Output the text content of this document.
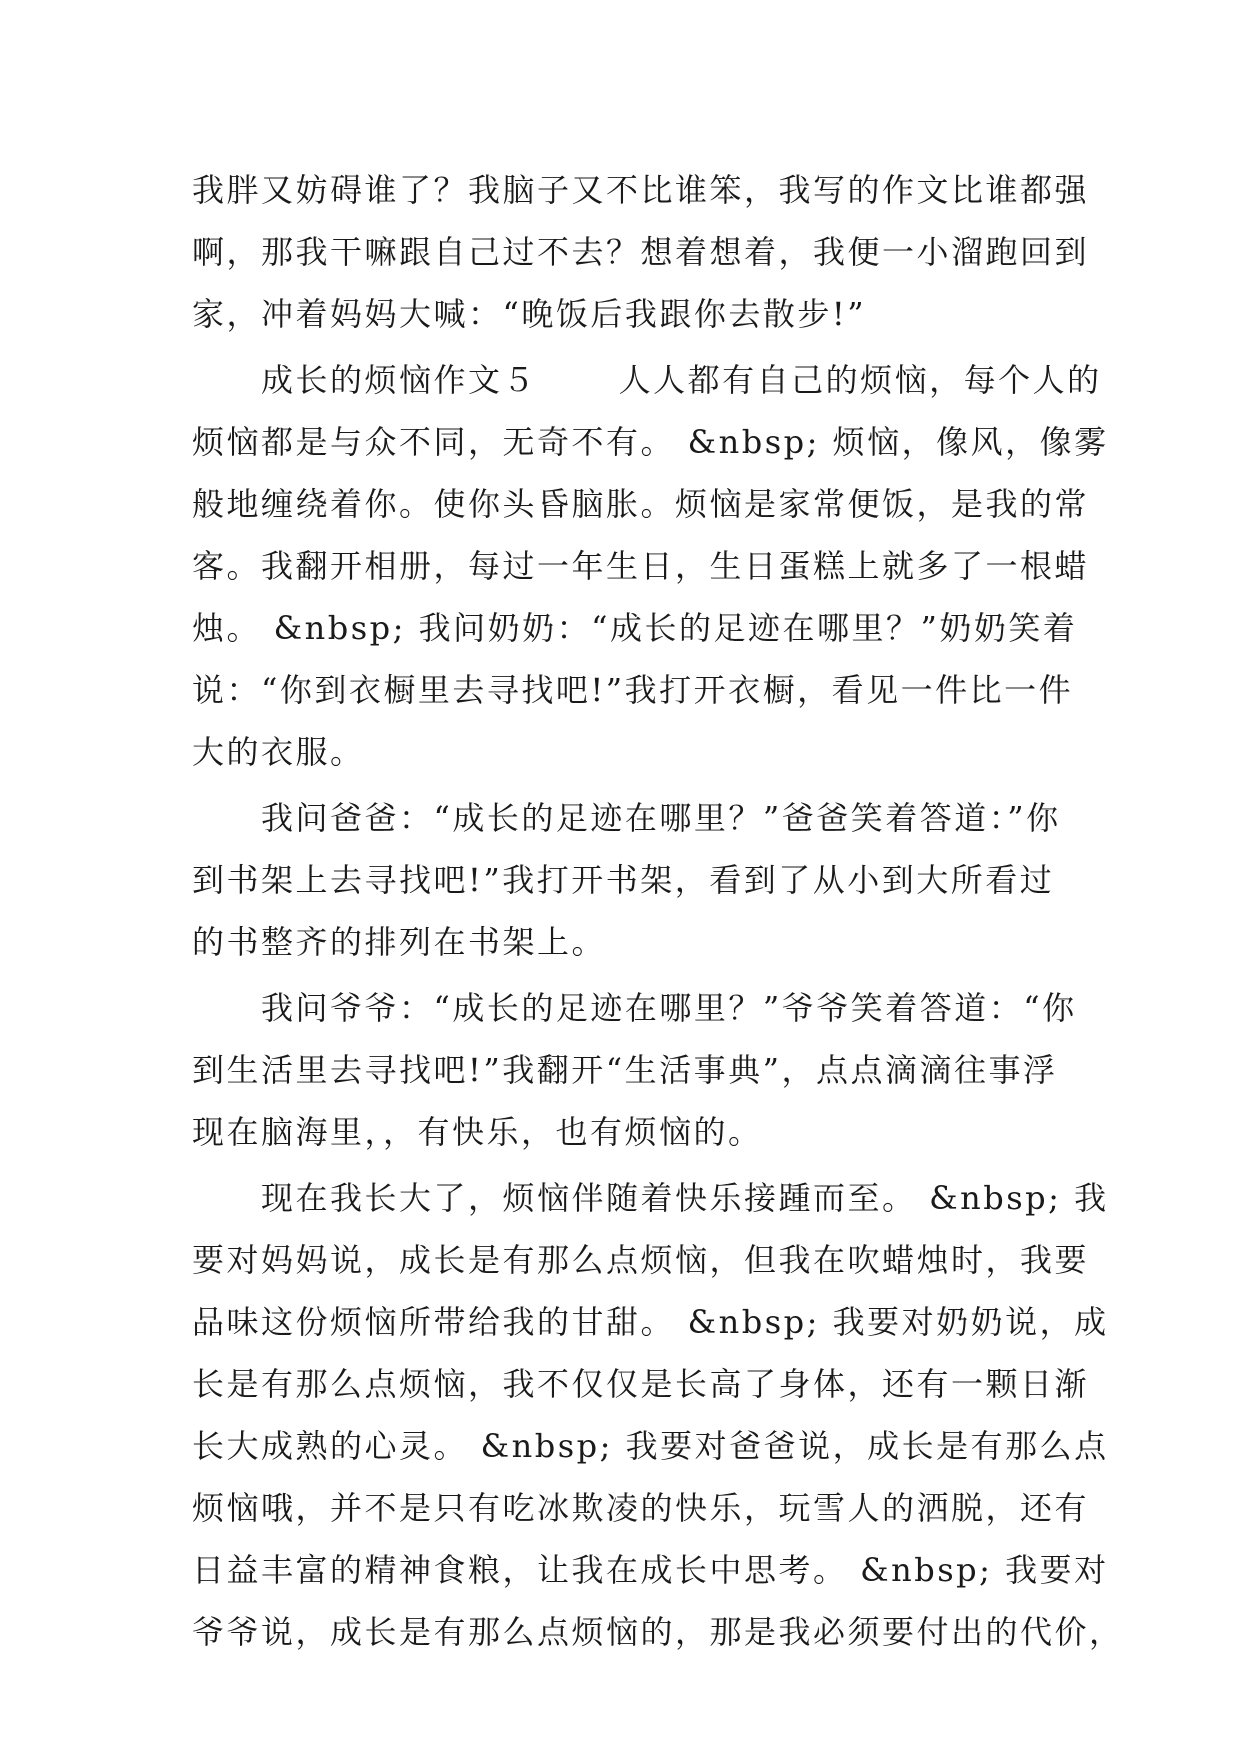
我胖又妨碍谁了？我脑子又不比谁笨，我写的作文比谁都强
啊，那我干嘛跟自己过不去？想着想着，我便一小溜跑回到
家，冲着妈妈大喊：“晚饭后我跟你去散步!”
　　成长的烦恼作文５　　 人人都有自己的烦恼，每个人的
烦恼都是与众不同，无奇不有。 &nbsp; 烦恼，像风，像雾
般地缠绕着你。使你头昏脑胀。烦恼是家常便饭，是我的常
客。我翻开相册，每过一年生日，生日蛋糕上就多了一根蜡
烛。 &nbsp; 我问奶奶：“成长的足迹在哪里？”奶奶笑着
说：“你到衣橱里去寻找吧!”我打开衣橱，看见一件比一件
大的衣服。
　　我问爸爸：“成长的足迹在哪里？”爸爸笑着答道：”你
到书架上去寻找吧!”我打开书架，看到了从小到大所看过
的书整齐的排列在书架上。
　　我问爷爷：“成长的足迹在哪里？”爷爷笑着答道：“你
到生活里去寻找吧!”我翻开“生活事典”，点点滴滴往事浮
现在脑海里，，有快乐，也有烦恼的。
　　现在我长大了，烦恼伴随着快乐接踵而至。 &nbsp; 我
要对妈妈说，成长是有那么点烦恼，但我在吹蜡烛时，我要
品味这份烦恼所带给我的甘甜。 &nbsp; 我要对奶奶说，成
长是有那么点烦恼，我不仅仅是长高了身体，还有一颗日渐
长大成熟的心灵。 &nbsp; 我要对爸爸说，成长是有那么点
烦恼哦，并不是只有吃冰欺凌的快乐，玩雪人的洒脱，还有
日益丰富的精神食粮，让我在成长中思考。 &nbsp; 我要对
爷爷说，成长是有那么点烦恼的，那是我必须要付出的代价，
